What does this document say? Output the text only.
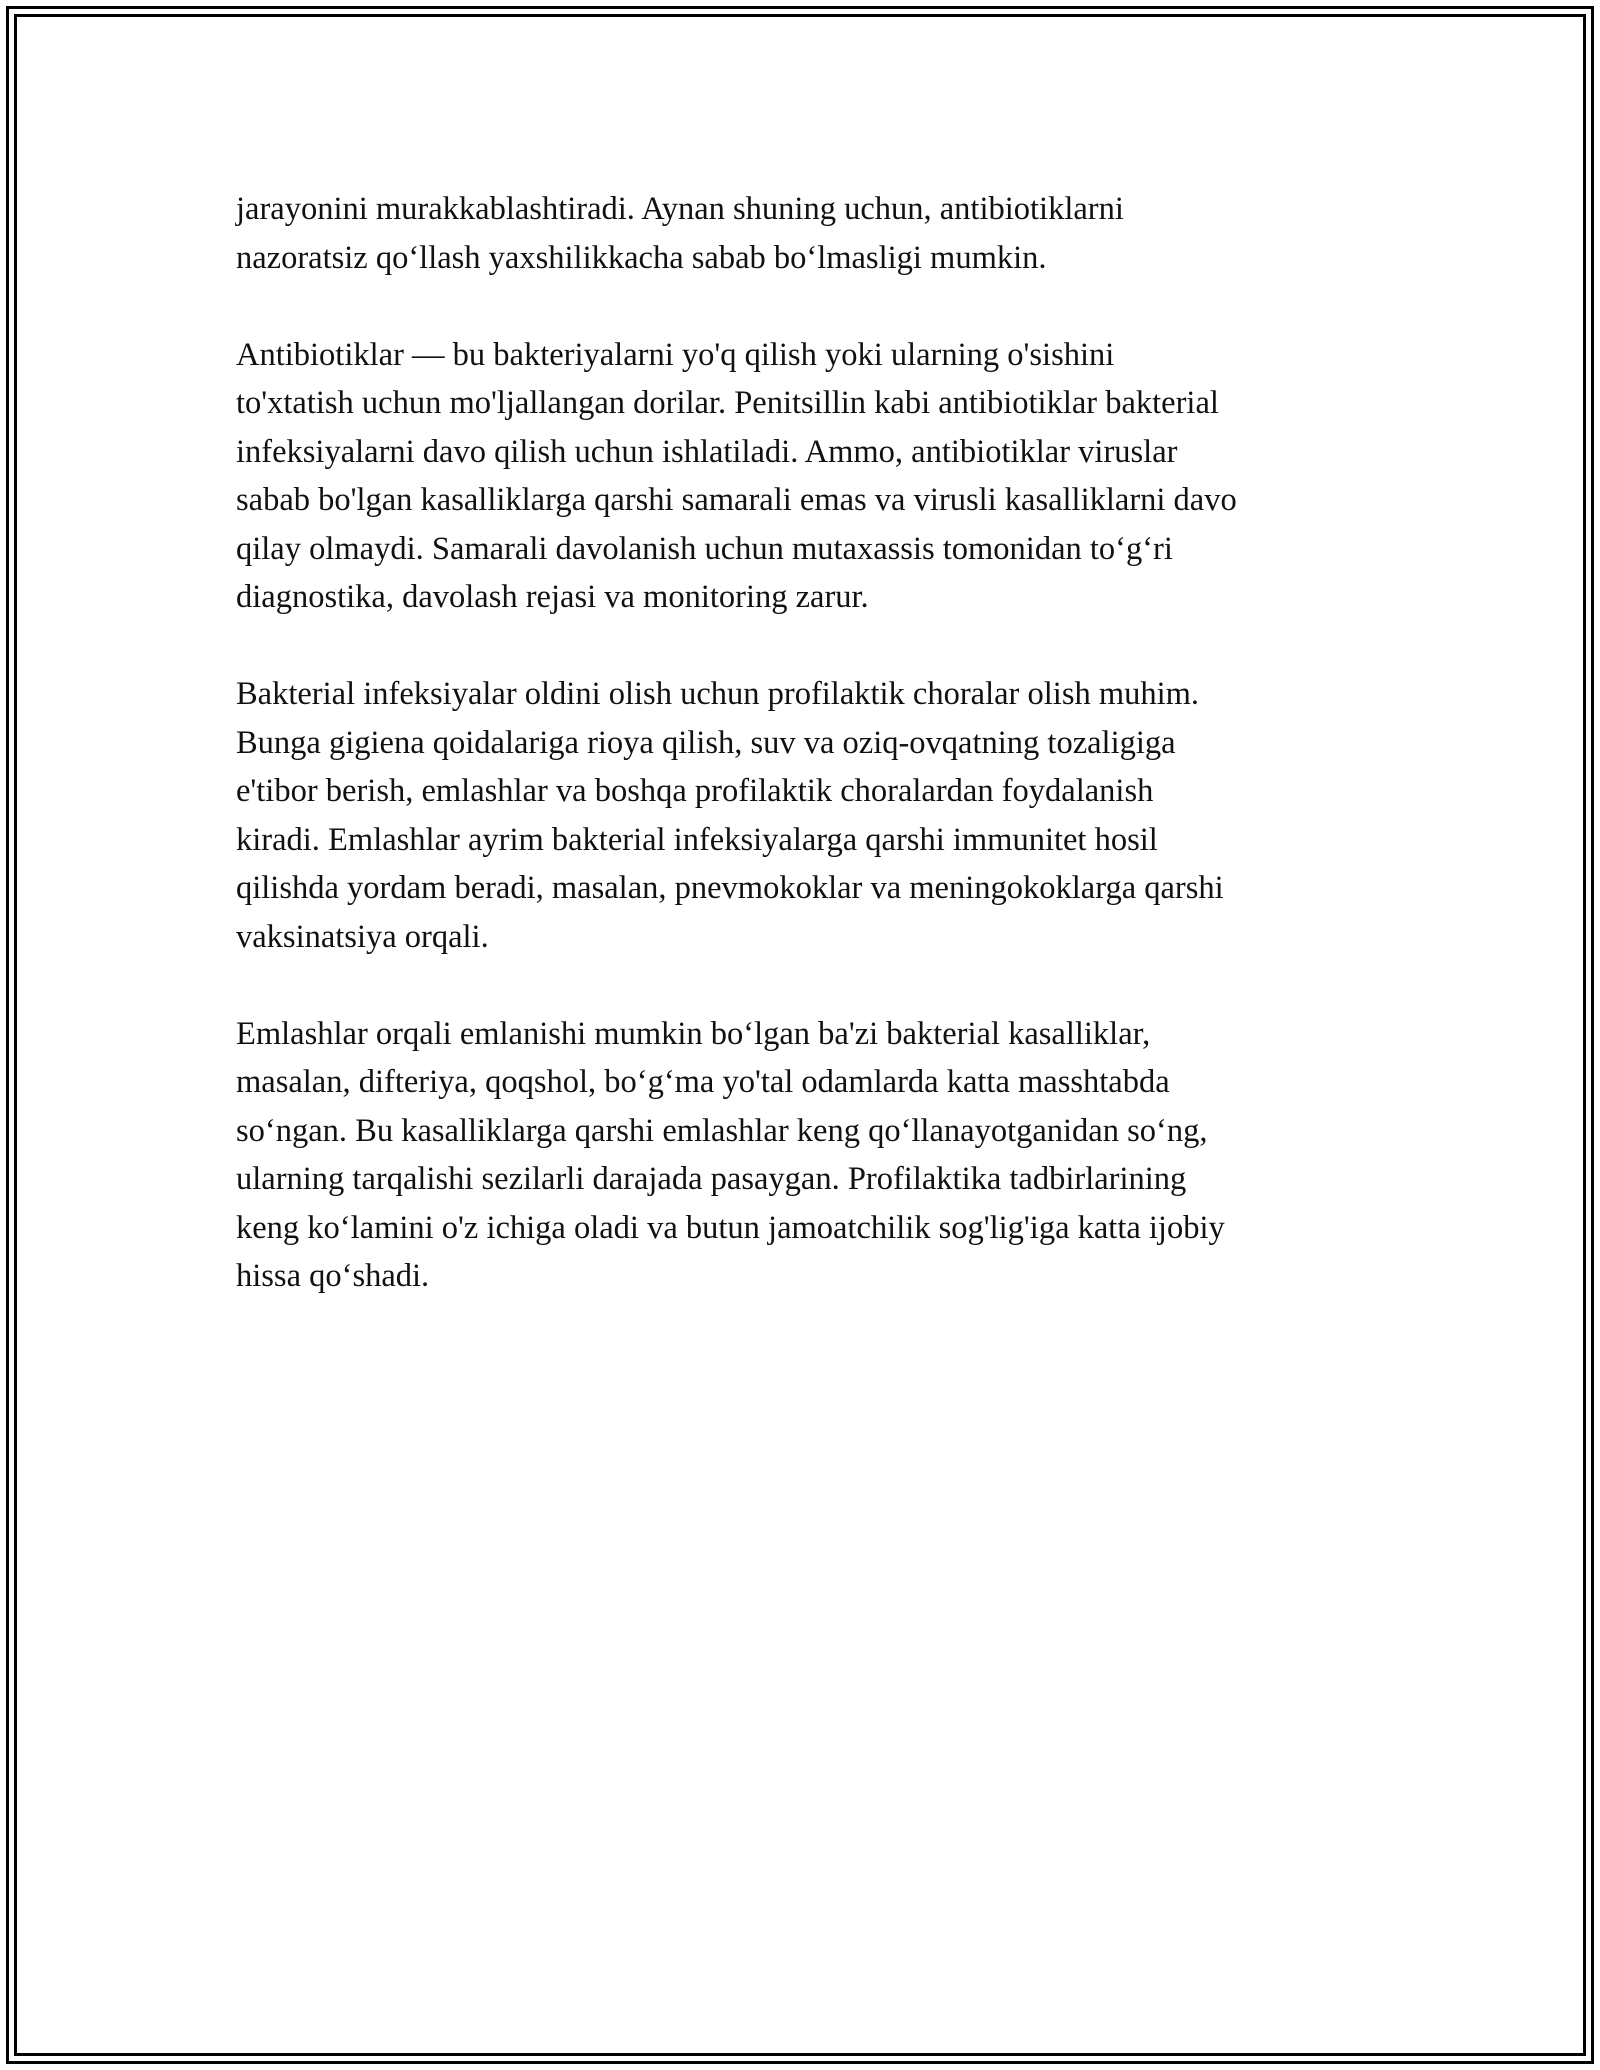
jarayonini murakkablashtiradi. Aynan shuning uchun, antibiotiklarni
nazoratsiz qo‘llash yaxshilikkacha sabab bo‘lmasligi mumkin.

Antibiotiklar — bu bakteriyalarni yo'q qilish yoki ularning o'sishini
to'xtatish uchun mo'ljallangan dorilar. Penitsillin kabi antibiotiklar bakterial
infeksiyalarni davo qilish uchun ishlatiladi. Ammo, antibiotiklar viruslar
sabab bo'lgan kasalliklarga qarshi samarali emas va virusli kasalliklarni davo
qilay olmaydi. Samarali davolanish uchun mutaxassis tomonidan to‘g‘ri
diagnostika, davolash rejasi va monitoring zarur.

Bakterial infeksiyalar oldini olish uchun profilaktik choralar olish muhim.
Bunga gigiena qoidalariga rioya qilish, suv va oziq-ovqatning tozaligiga
e'tibor berish, emlashlar va boshqa profilaktik choralardan foydalanish
kiradi. Emlashlar ayrim bakterial infeksiyalarga qarshi immunitet hosil
qilishda yordam beradi, masalan, pnevmokoklar va meningokoklarga qarshi
vaksinatsiya orqali.

Emlashlar orqali emlanishi mumkin bo‘lgan ba'zi bakterial kasalliklar,
masalan, difteriya, qoqshol, bo‘g‘ma yo'tal odamlarda katta masshtabda
so‘ngan. Bu kasalliklarga qarshi emlashlar keng qo‘llanayotganidan so‘ng,
ularning tarqalishi sezilarli darajada pasaygan. Profilaktika tadbirlarining
keng ko‘lamini o'z ichiga oladi va butun jamoatchilik sog'lig'iga katta ijobiy
hissa qo‘shadi.
